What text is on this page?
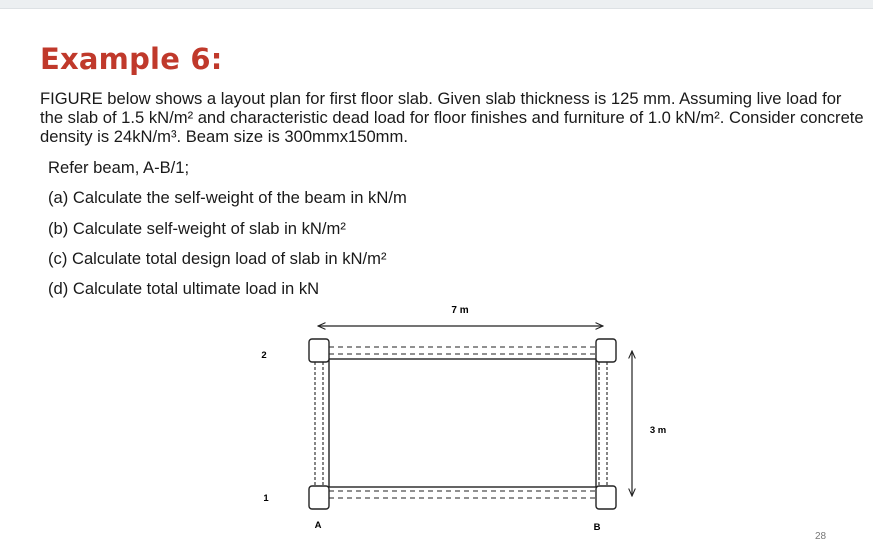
Example 6:
FIGURE below shows a layout plan for first floor slab. Given slab thickness is 125 mm. Assuming live load for the slab of 1.5 kN/m² and characteristic dead load for floor finishes and furniture of 1.0 kN/m². Consider concrete density is 24kN/m³. Beam size is 300mmx150mm.
Refer beam, A-B/1;
(a) Calculate the self-weight of the beam in kN/m
(b) Calculate self-weight of slab in kN/m²
(c) Calculate total design load of slab in kN/m²
(d) Calculate total ultimate load in kN
7 m
3 m
2
1
A	B
28
